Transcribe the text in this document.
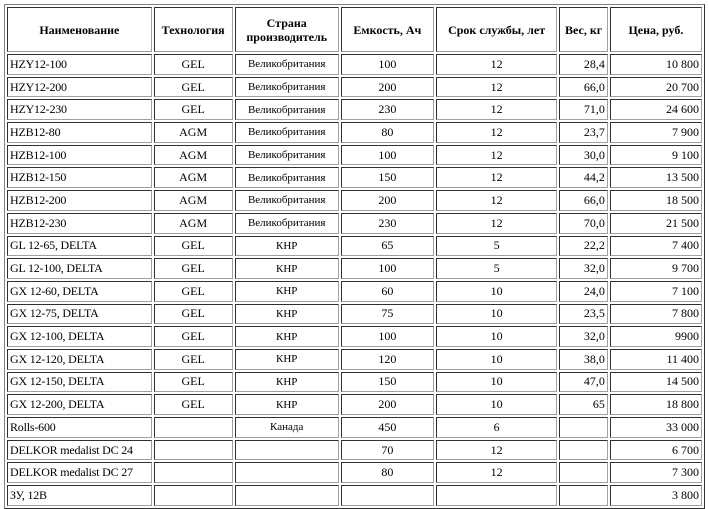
Наименование	Технология	Страна производитель	Емкость, Ач	Срок службы, лет	Вес, кг	Цена, руб.
HZY12-100	GEL	Великобритания	100	12	28,4	10 800
HZY12-200	GEL	Великобритания	200	12	66,0	20 700
HZY12-230	GEL	Великобритания	230	12	71,0	24 600
HZB12-80	AGM	Великобритания	80	12	23,7	7 900
HZB12-100	AGM	Великобритания	100	12	30,0	9 100
HZB12-150	AGM	Великобритания	150	12	44,2	13 500
HZB12-200	AGM	Великобритания	200	12	66,0	18 500
HZB12-230	AGM	Великобритания	230	12	70,0	21 500
GL 12-65, DELTA	GEL	КНР	65	5	22,2	7 400
GL 12-100, DELTA	GEL	КНР	100	5	32,0	9 700
GX 12-60, DELTA	GEL	КНР	60	10	24,0	7 100
GX 12-75, DELTA	GEL	КНР	75	10	23,5	7 800
GX 12-100, DELTA	GEL	КНР	100	10	32,0	9900
GX 12-120, DELTA	GEL	КНР	120	10	38,0	11 400
GX 12-150, DELTA	GEL	КНР	150	10	47,0	14 500
GX 12-200, DELTA	GEL	КНР	200	10	65	18 800
Rolls-600		Канада	450	6		33 000
DELKOR medalist DC 24			70	12		6 700
DELKOR medalist DC 27			80	12		7 300
ЗУ, 12В						3 800
